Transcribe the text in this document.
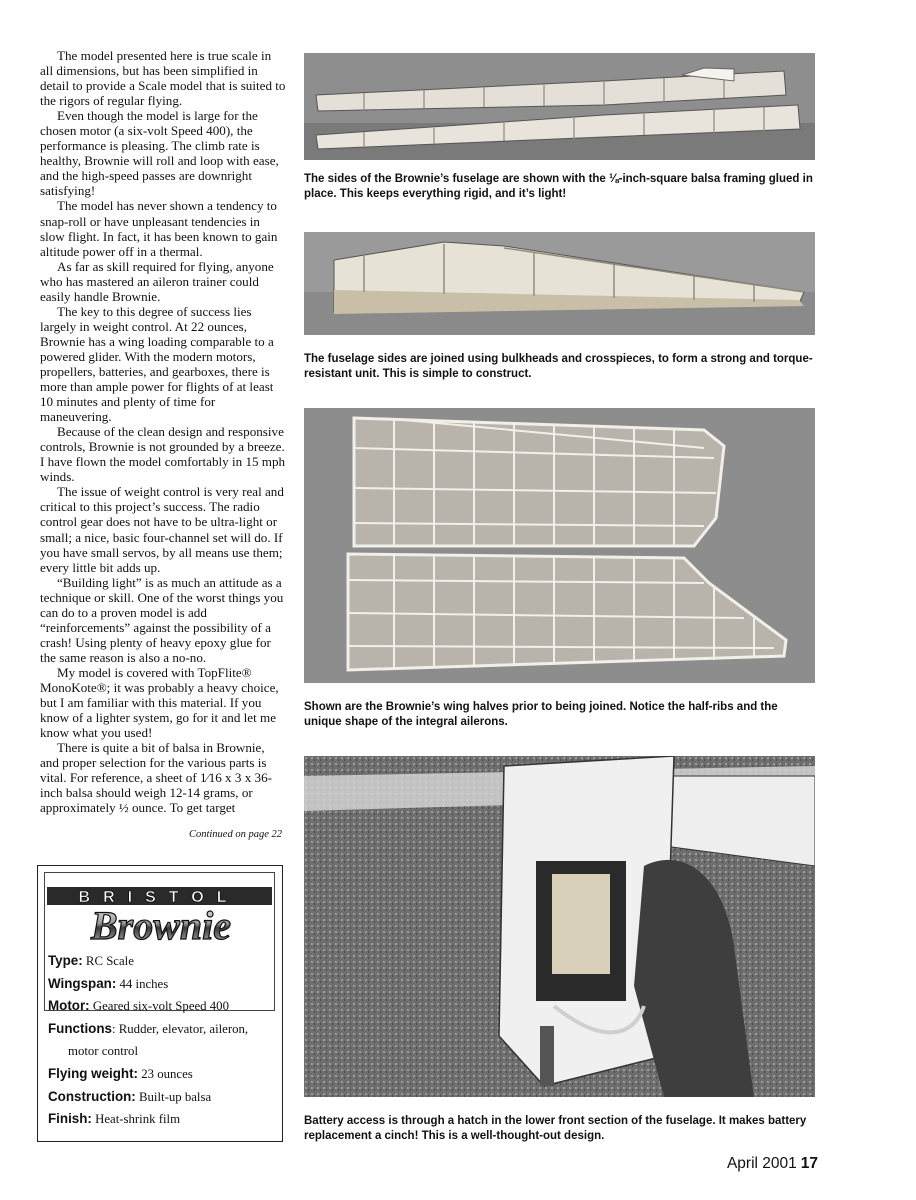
The model presented here is true scale in all dimensions, but has been simplified in detail to provide a Scale model that is suited to the rigors of regular flying.

Even though the model is large for the chosen motor (a six-volt Speed 400), the performance is pleasing. The climb rate is healthy, Brownie will roll and loop with ease, and the high-speed passes are downright satisfying!

The model has never shown a tendency to snap-roll or have unpleasant tendencies in slow flight. In fact, it has been known to gain altitude power off in a thermal.

As far as skill required for flying, anyone who has mastered an aileron trainer could easily handle Brownie.

The key to this degree of success lies largely in weight control. At 22 ounces, Brownie has a wing loading comparable to a powered glider. With the modern motors, propellers, batteries, and gearboxes, there is more than ample power for flights of at least 10 minutes and plenty of time for maneuvering.

Because of the clean design and responsive controls, Brownie is not grounded by a breeze. I have flown the model comfortably in 15 mph winds.

The issue of weight control is very real and critical to this project’s success. The radio control gear does not have to be ultra-light or small; a nice, basic four-channel set will do. If you have small servos, by all means use them; every little bit adds up.

“Building light” is as much an attitude as a technique or skill. One of the worst things you can do to a proven model is add “reinforcements” against the possibility of a crash! Using plenty of heavy epoxy glue for the same reason is also a no-no.

My model is covered with TopFlite® MonoKote®; it was probably a heavy choice, but I am familiar with this material. If you know of a lighter system, go for it and let me know what you used!

There is quite a bit of balsa in Brownie, and proper selection for the various parts is vital. For reference, a sheet of 1⁄16 x 3 x 36-inch balsa should weigh 12-14 grams, or approximately ½ ounce. To get target

Continued on page 22
BRISTOL
Brownie
Type: RC Scale
Wingspan: 44 inches
Motor: Geared six-volt Speed 400
Functions: Rudder, elevator, aileron,
motor control
Flying weight: 23 ounces
Construction: Built-up balsa
Finish: Heat-shrink film
The sides of the Brownie’s fuselage are shown with the ⅛-inch-square balsa framing glued in place. This keeps everything rigid, and it’s light!
The fuselage sides are joined using bulkheads and crosspieces, to form a strong and torque-resistant unit. This is simple to construct.
Shown are the Brownie’s wing halves prior to being joined. Notice the half-ribs and the unique shape of the integral ailerons.
Battery access is through a hatch in the lower front section of the fuselage. It makes battery replacement a cinch! This is a well-thought-out design.
April 2001 17
